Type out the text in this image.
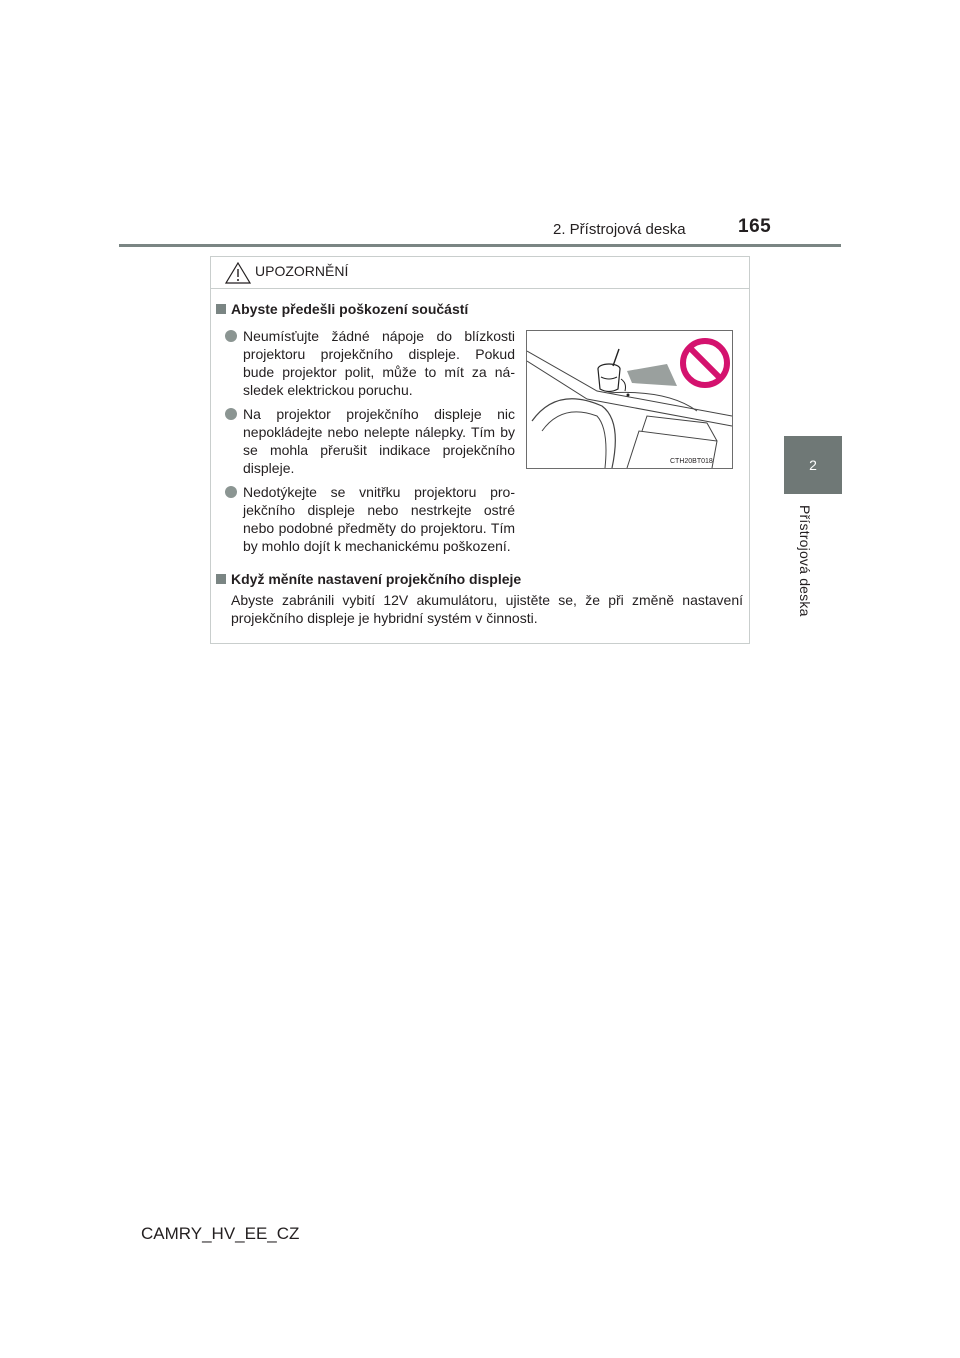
2. Přístrojová deska	165
2
Přístrojová deska
UPOZORNĚNÍ
Abyste předešli poškození součástí
Neumísťujte žádné nápoje do blízkosti projektoru projekčního displeje. Pokud bude projektor polit, může to mít za následek elektrickou poruchu.
Na projektor projekčního displeje nic nepokládejte nebo nelepte nálepky. Tím by se mohla přerušit indikace projekčního displeje.
Nedotýkejte se vnitřku projektoru projekčního displeje nebo nestrkejte ostré nebo podobné předměty do projektoru. Tím by mohlo dojít k mechanickému poškození.
CTH20BT018
Když měníte nastavení projekčního displeje
Abyste zabránili vybití 12V akumulátoru, ujistěte se, že při změně nastavení projekčního displeje je hybridní systém v činnosti.
CAMRY_HV_EE_CZ
